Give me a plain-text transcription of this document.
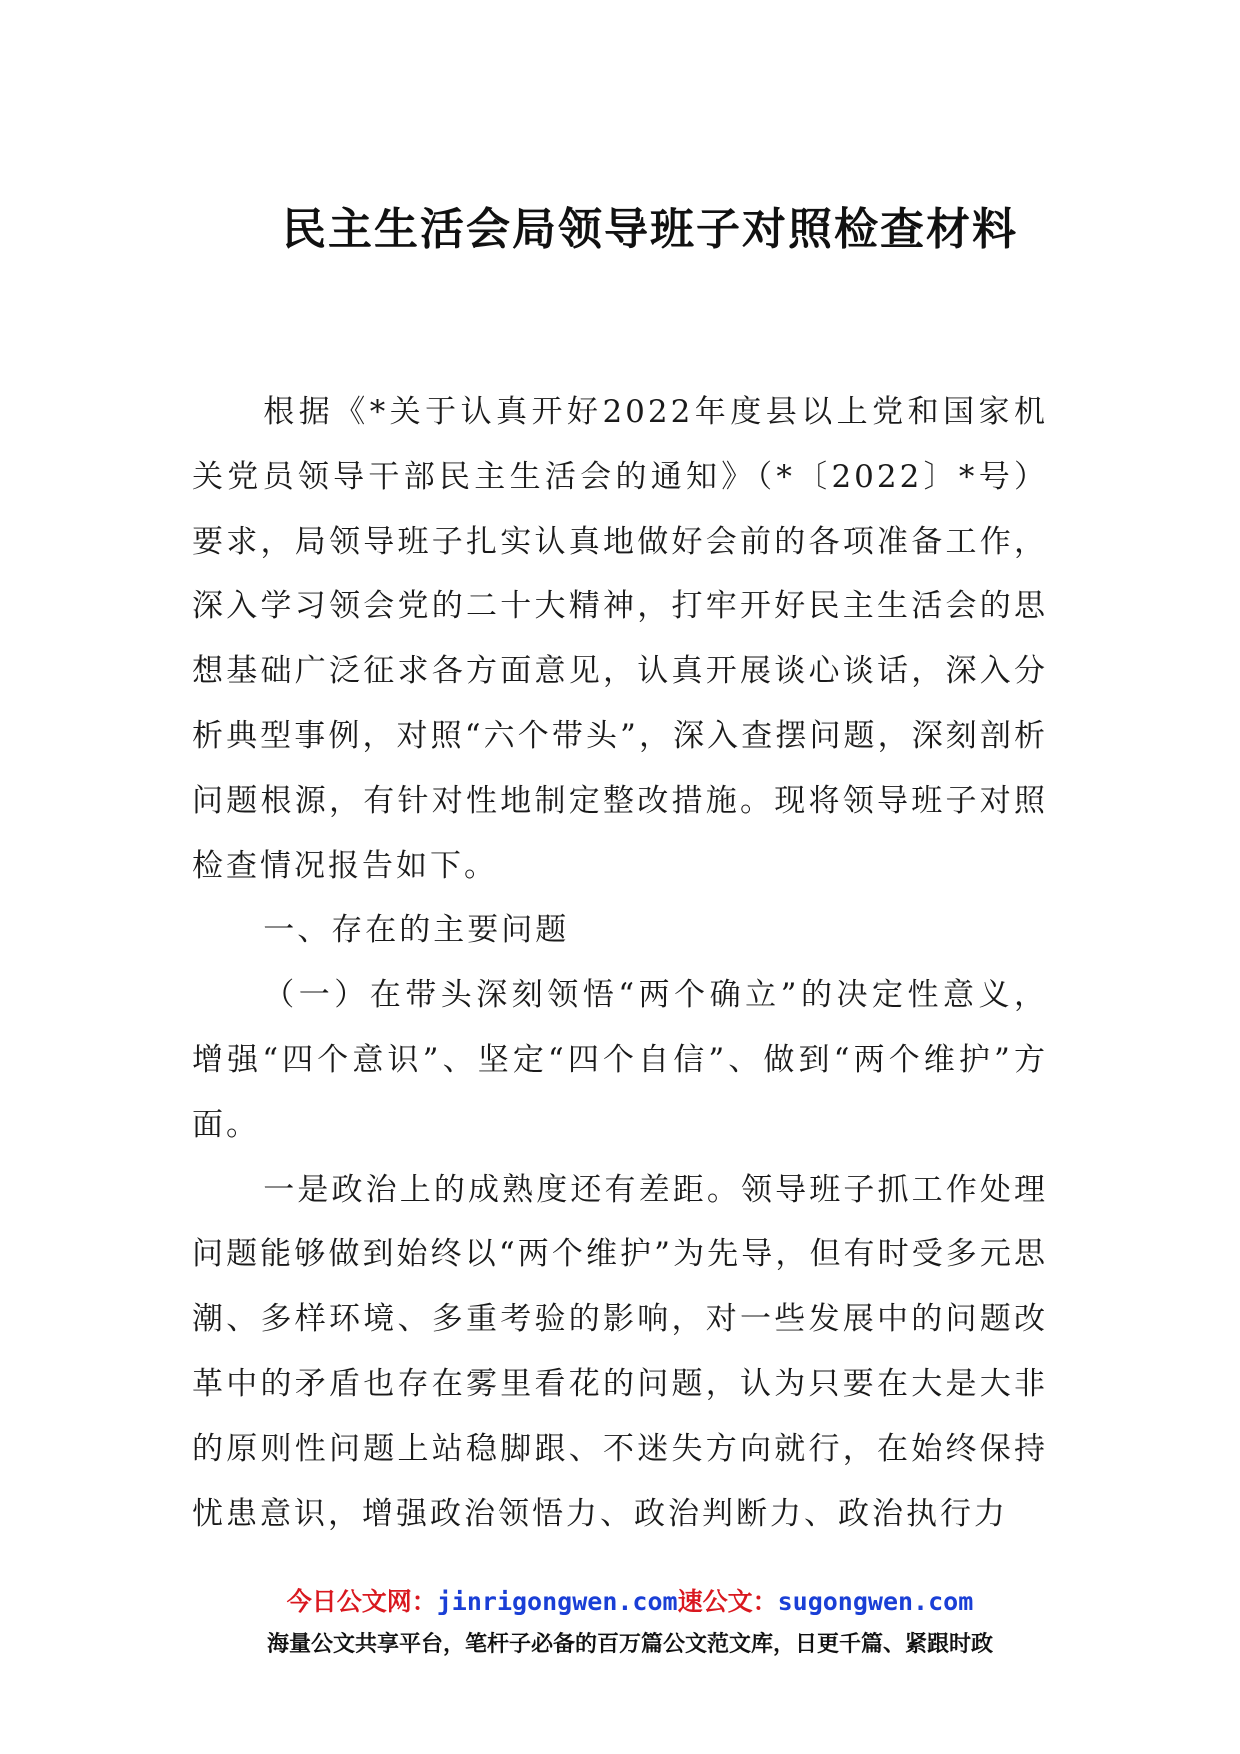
民主生活会局领导班子对照检查材料

根据《*关于认真开好2022年度县以上党和国家机关党员领导干部民主生活会的通知》（*〔2022〕*号）要求，局领导班子扎实认真地做好会前的各项准备工作，深入学习领会党的二十大精神，打牢开好民主生活会的思想基础广泛征求各方面意见，认真开展谈心谈话，深入分析典型事例，对照“六个带头”，深入查摆问题，深刻剖析问题根源，有针对性地制定整改措施。现将领导班子对照检查情况报告如下。

一、存在的主要问题

（一）在带头深刻领悟“两个确立”的决定性意义，增强“四个意识”、坚定“四个自信”、做到“两个维护”方面。

一是政治上的成熟度还有差距。领导班子抓工作处理问题能够做到始终以“两个维护”为先导，但有时受多元思潮、多样环境、多重考验的影响，对一些发展中的问题改革中的矛盾也存在雾里看花的问题，认为只要在大是大非的原则性问题上站稳脚跟、不迷失方向就行，在始终保持忧患意识，增强政治领悟力、政治判断力、政治执行力

今日公文网：jinrigongwen.com速公文：sugongwen.com
海量公文共享平台，笔杆子必备的百万篇公文范文库，日更千篇、紧跟时政
